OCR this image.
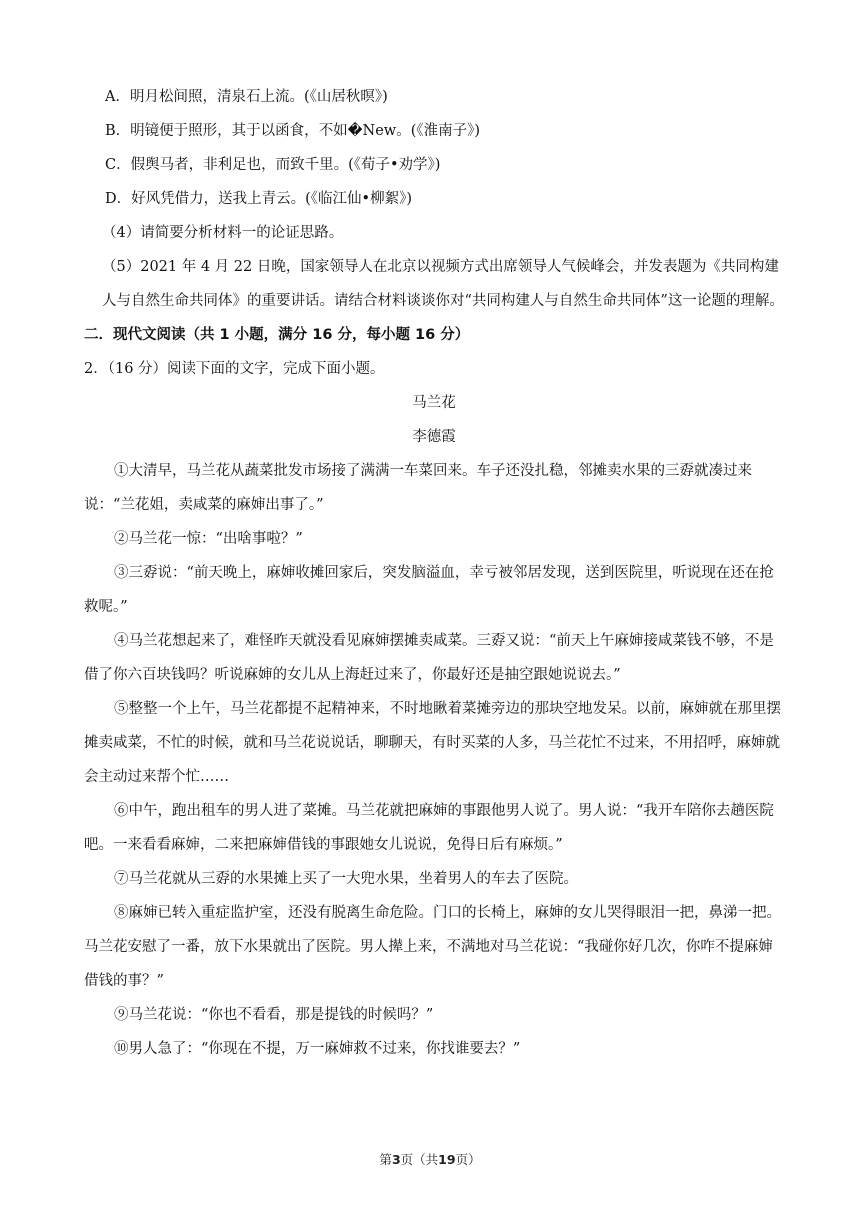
A．明月松间照，清泉石上流。(《山居秋暝》)

B．明镜便于照形，其于以函食，不如�New。(《淮南子》)

C．假舆马者，非利足也，而致千里。(《荀子•劝学》)

D．好风凭借力，送我上青云。(《临江仙•柳絮》)

（4）请简要分析材料一的论证思路。

（5）2021 年 4 月 22 日晚，国家领导人在北京以视频方式出席领导人气候峰会，并发表题为《共同构建人与自然生命共同体》的重要讲话。请结合材料谈谈你对“共同构建人与自然生命共同体”这一论题的理解。

二．现代文阅读（共 1 小题，满分 16 分，每小题 16 分）

2．（16 分）阅读下面的文字，完成下面小题。

马兰花

李德霞

①大清早，马兰花从蔬菜批发市场接了满满一车菜回来。车子还没扎稳，邻摊卖水果的三孬就凑过来说：“兰花姐，卖咸菜的麻婶出事了。”

②马兰花一惊：“出啥事啦？”

③三孬说：“前天晚上，麻婶收摊回家后，突发脑溢血，幸亏被邻居发现，送到医院里，听说现在还在抢救呢。”

④马兰花想起来了，难怪昨天就没看见麻婶摆摊卖咸菜。三孬又说：“前天上午麻婶接咸菜钱不够，不是借了你六百块钱吗？听说麻婶的女儿从上海赶过来了，你最好还是抽空跟她说说去。”

⑤整整一个上午，马兰花都提不起精神来，不时地瞅着菜摊旁边的那块空地发呆。以前，麻婶就在那里摆摊卖咸菜，不忙的时候，就和马兰花说说话，聊聊天，有时买菜的人多，马兰花忙不过来，不用招呼，麻婶就会主动过来帮个忙……

⑥中午，跑出租车的男人进了菜摊。马兰花就把麻婶的事跟他男人说了。男人说：“我开车陪你去趟医院吧。一来看看麻婶，二来把麻婶借钱的事跟她女儿说说，免得日后有麻烦。”

⑦马兰花就从三孬的水果摊上买了一大兜水果，坐着男人的车去了医院。

⑧麻婶已转入重症监护室，还没有脱离生命危险。门口的长椅上，麻婶的女儿哭得眼泪一把，鼻涕一把。马兰花安慰了一番，放下水果就出了医院。男人撵上来，不满地对马兰花说：“我碰你好几次，你咋不提麻婶借钱的事？”

⑨马兰花说：“你也不看看，那是提钱的时候吗？”

⑩男人急了：“你现在不提，万一麻婶救不过来，你找谁要去？”

第3页（共19页）
